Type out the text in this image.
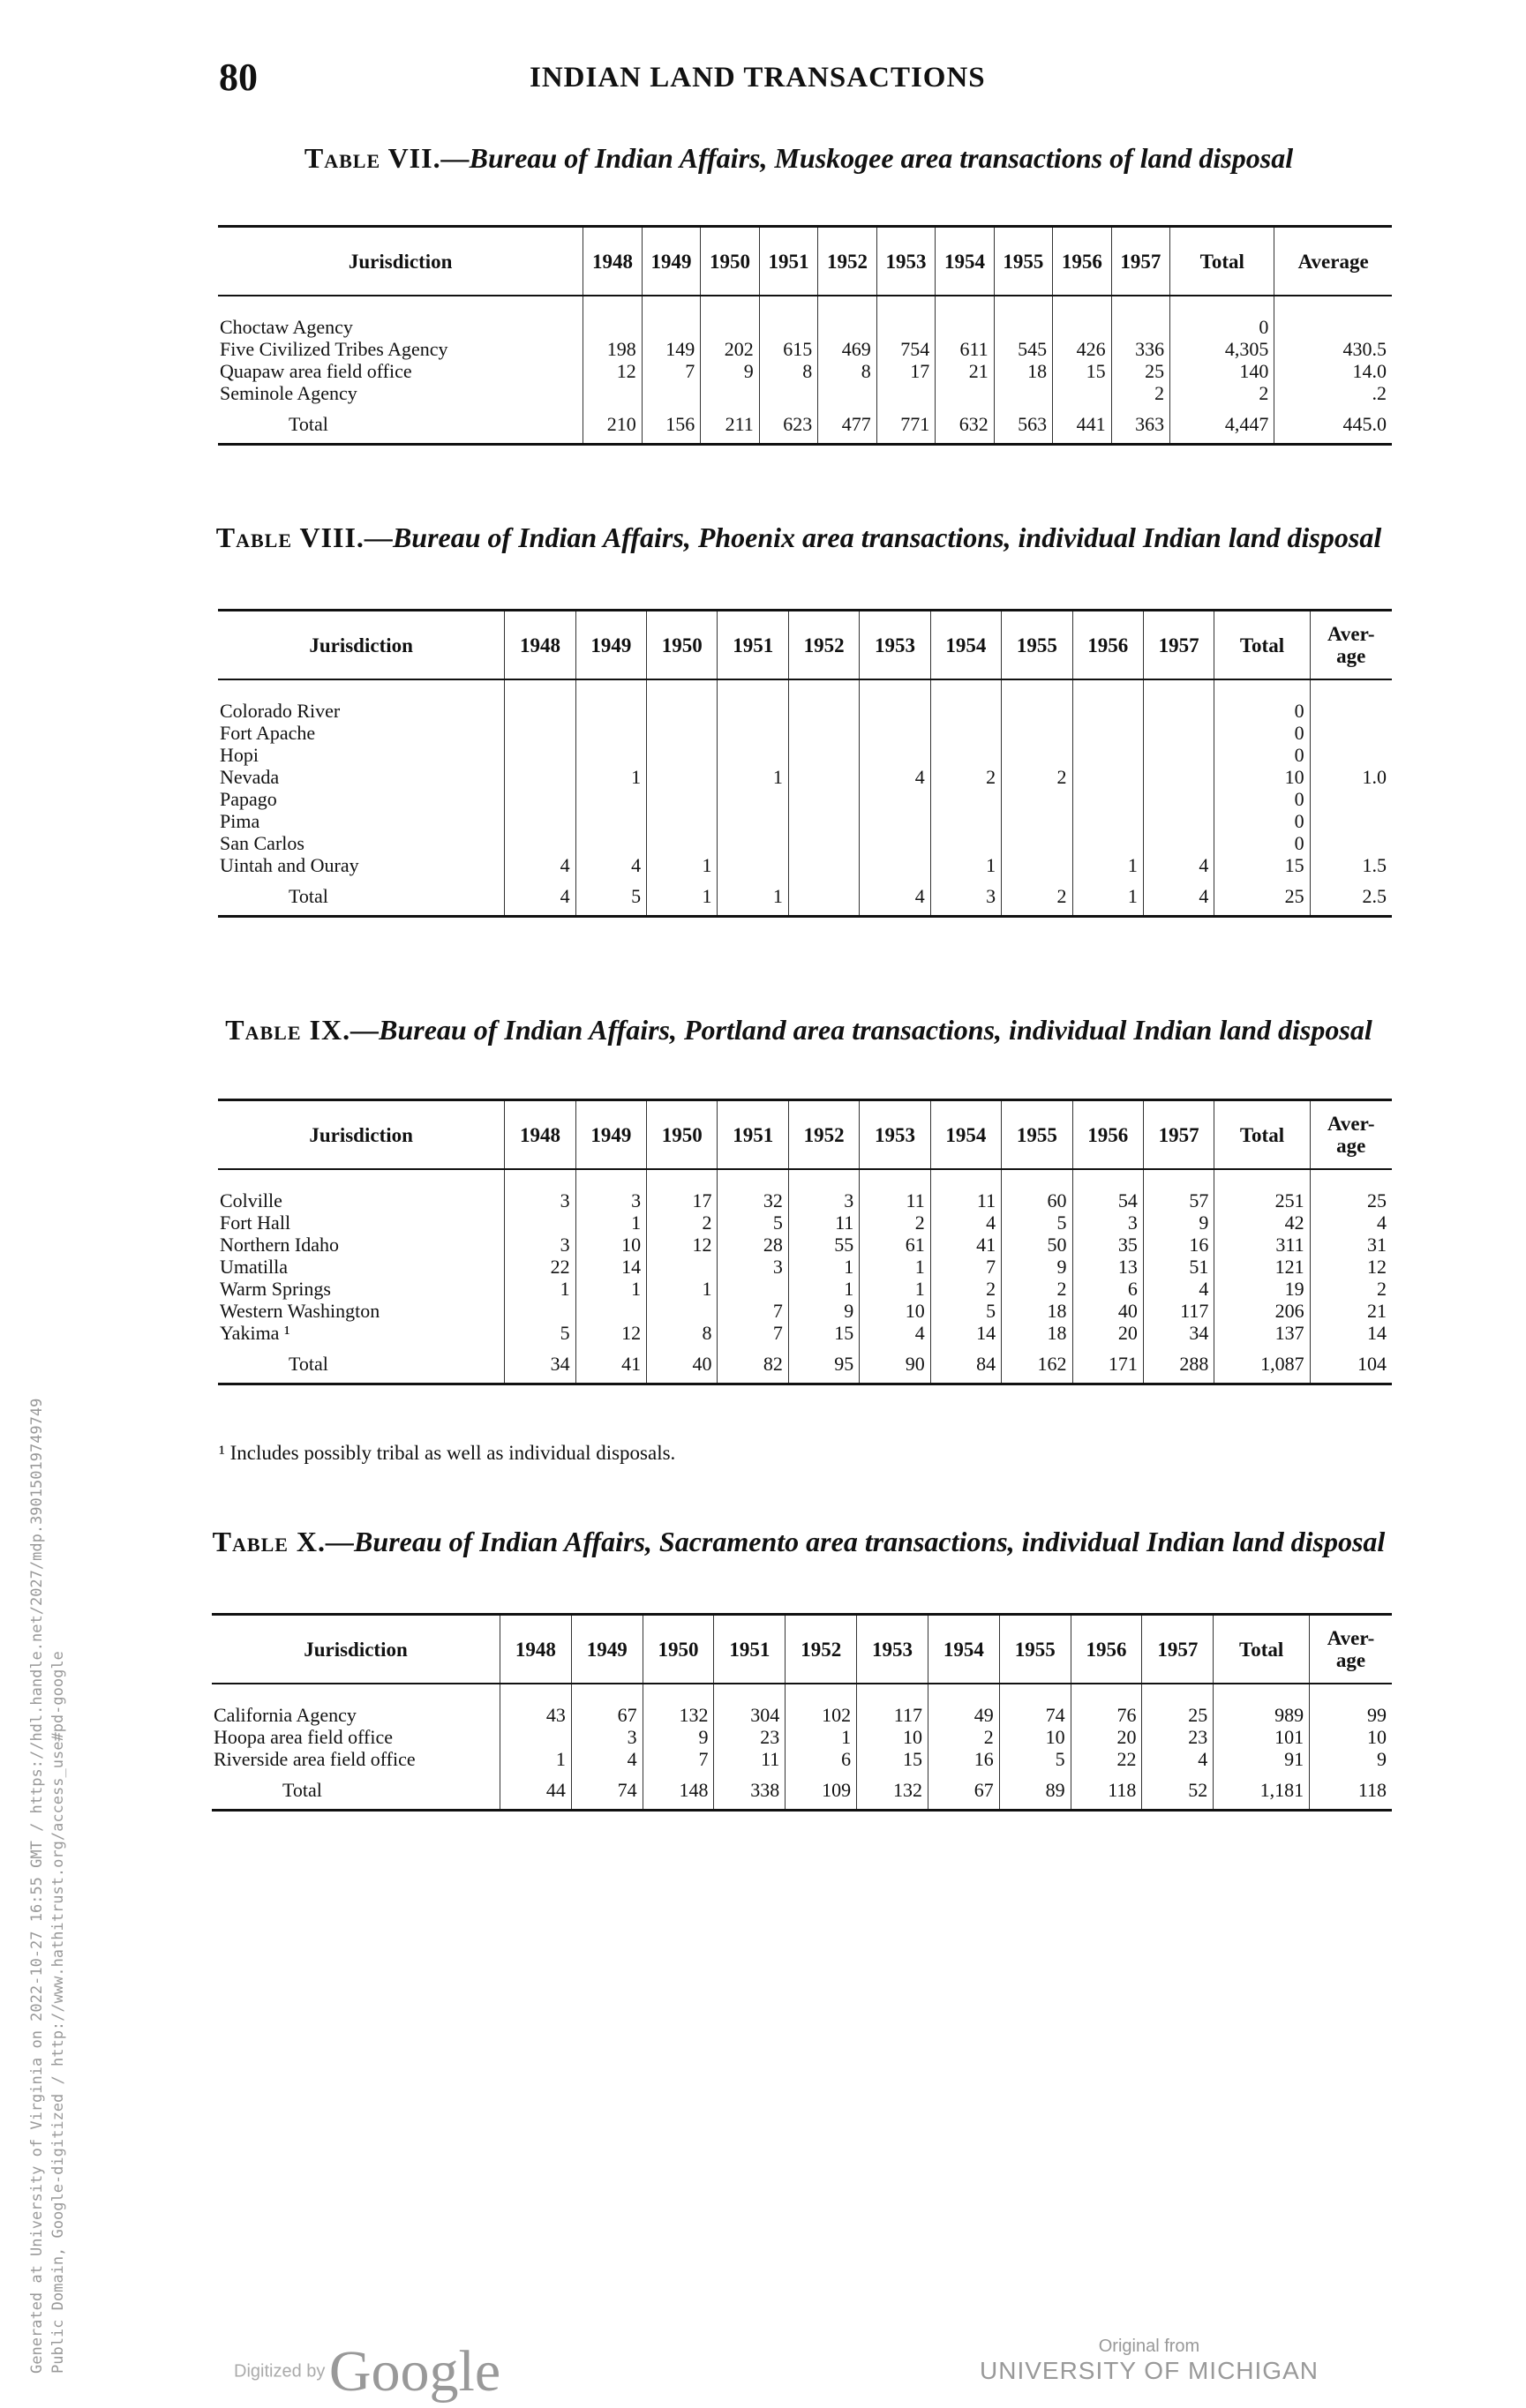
80	INDIAN LAND TRANSACTIONS
Table VII.—Bureau of Indian Affairs, Muskogee area transactions of land disposal
Jurisdiction	1948	1949	1950	1951	1952	1953	1954	1955	1956	1957	Total	Average

Choctaw Agency											0	
Five Civilized Tribes Agency	198	149	202	615	469	754	611	545	426	336	4,305	430.5
Quapaw area field office	12	7	9	8	8	17	21	18	15	25	140	14.0
Seminole Agency										2	2	.2
Total	210	156	211	623	477	771	632	563	441	363	4,447	445.0
Table VIII.—Bureau of Indian Affairs, Phoenix area transactions, individual Indian land disposal
Jurisdiction	1948	1949	1950	1951	1952	1953	1954	1955	1956	1957	Total	Aver-age

Colorado River											0	
Fort Apache											0	
Hopi											0	
Nevada		1		1		4	2	2			10	1.0
Papago											0	
Pima											0	
San Carlos											0	
Uintah and Ouray	4	4	1				1		1	4	15	1.5
Total	4	5	1	1		4	3	2	1	4	25	2.5
Table IX.—Bureau of Indian Affairs, Portland area transactions, individual Indian land disposal
Jurisdiction	1948	1949	1950	1951	1952	1953	1954	1955	1956	1957	Total	Aver-age

Colville	3	3	17	32	3	11	11	60	54	57	251	25
Fort Hall		1	2	5	11	2	4	5	3	9	42	4
Northern Idaho	3	10	12	28	55	61	41	50	35	16	311	31
Umatilla	22	14		3	1	1	7	9	13	51	121	12
Warm Springs	1	1	1		1	1	2	2	6	4	19	2
Western Washington				7	9	10	5	18	40	117	206	21
Yakima ¹	5	12	8	7	15	4	14	18	20	34	137	14
Total	34	41	40	82	95	90	84	162	171	288	1,087	104
¹ Includes possibly tribal as well as individual disposals.
Table X.—Bureau of Indian Affairs, Sacramento area transactions, individual Indian land disposal
Jurisdiction	1948	1949	1950	1951	1952	1953	1954	1955	1956	1957	Total	Aver-age

California Agency	43	67	132	304	102	117	49	74	76	25	989	99
Hoopa area field office		3	9	23	1	10	2	10	20	23	101	10
Riverside area field office	1	4	7	11	6	15	16	5	22	4	91	9
Total	44	74	148	338	109	132	67	89	118	52	1,181	118
Generated at University of Virginia on 2022-10-27 16:55 GMT / https://hdl.handle.net/2027/mdp.39015019749749 Public Domain, Google-digitized / http://www.hathitrust.org/access_use#pd-google	Digitized by Google	Original from
UNIVERSITY OF MICHIGAN
